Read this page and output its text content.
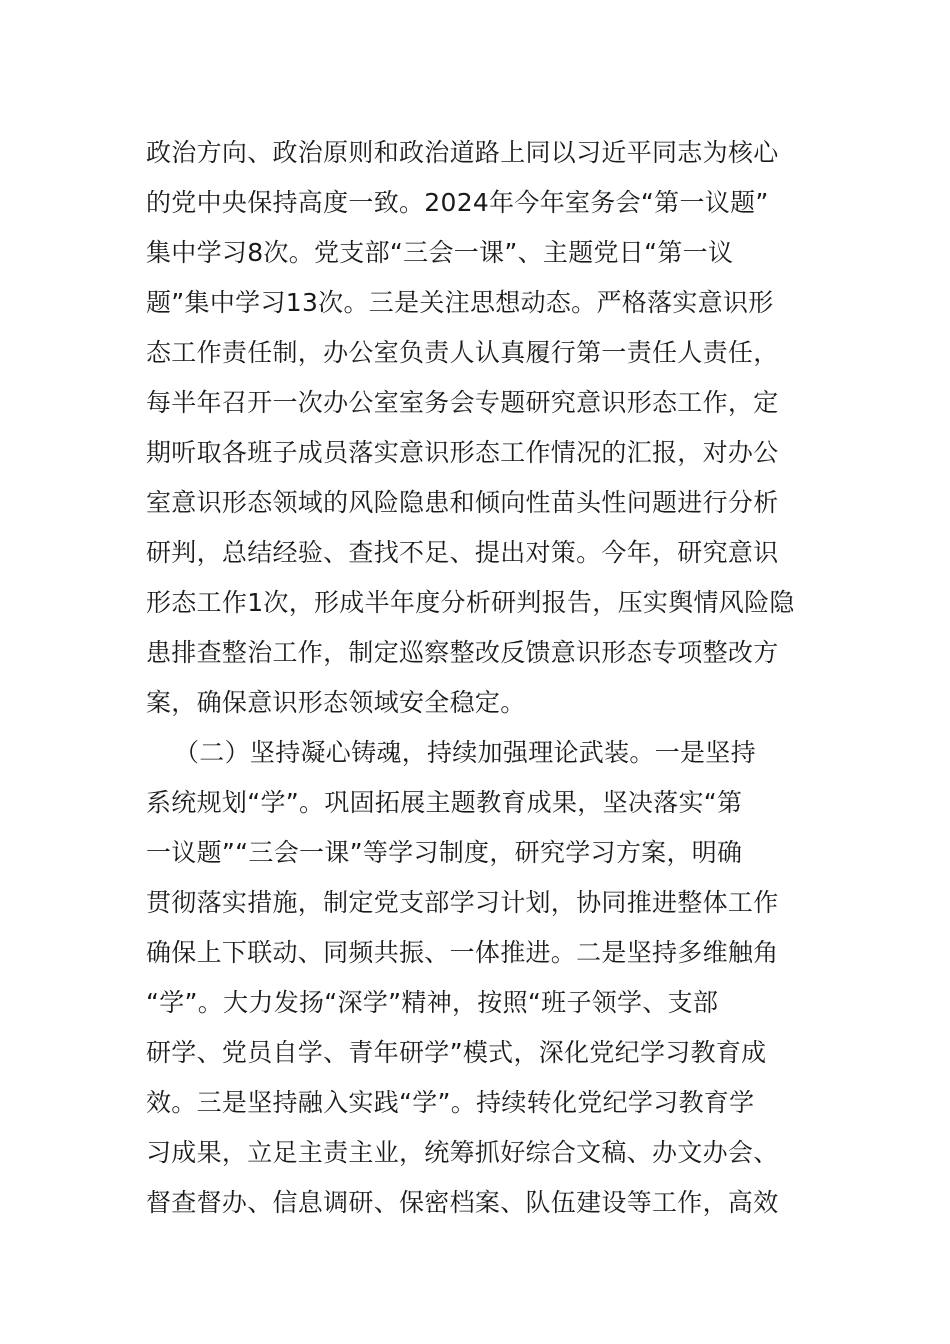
政治方向、政治原则和政治道路上同以习近平同志为核心
的党中央保持高度一致。2024年今年室务会“第一议题”
集中学习8次。党支部“三会一课”、主题党日“第一议
题”集中学习13次。三是关注思想动态。严格落实意识形
态工作责任制，办公室负责人认真履行第一责任人责任，
每半年召开一次办公室室务会专题研究意识形态工作，定
期听取各班子成员落实意识形态工作情况的汇报，对办公
室意识形态领域的风险隐患和倾向性苗头性问题进行分析
研判，总结经验、查找不足、提出对策。今年，研究意识
形态工作1次，形成半年度分析研判报告，压实舆情风险隐
患排查整治工作，制定巡察整改反馈意识形态专项整改方
案，确保意识形态领域安全稳定。
（二）坚持凝心铸魂，持续加强理论武装。一是坚持
系统规划“学”。巩固拓展主题教育成果，坚决落实“第
一议题”“三会一课”等学习制度，研究学习方案，明确
贯彻落实措施，制定党支部学习计划，协同推进整体工作
确保上下联动、同频共振、一体推进。二是坚持多维触角
“学”。大力发扬“深学”精神，按照“班子领学、支部
研学、党员自学、青年研学”模式，深化党纪学习教育成
效。三是坚持融入实践“学”。持续转化党纪学习教育学
习成果，立足主责主业，统筹抓好综合文稿、办文办会、
督查督办、信息调研、保密档案、队伍建设等工作，高效
